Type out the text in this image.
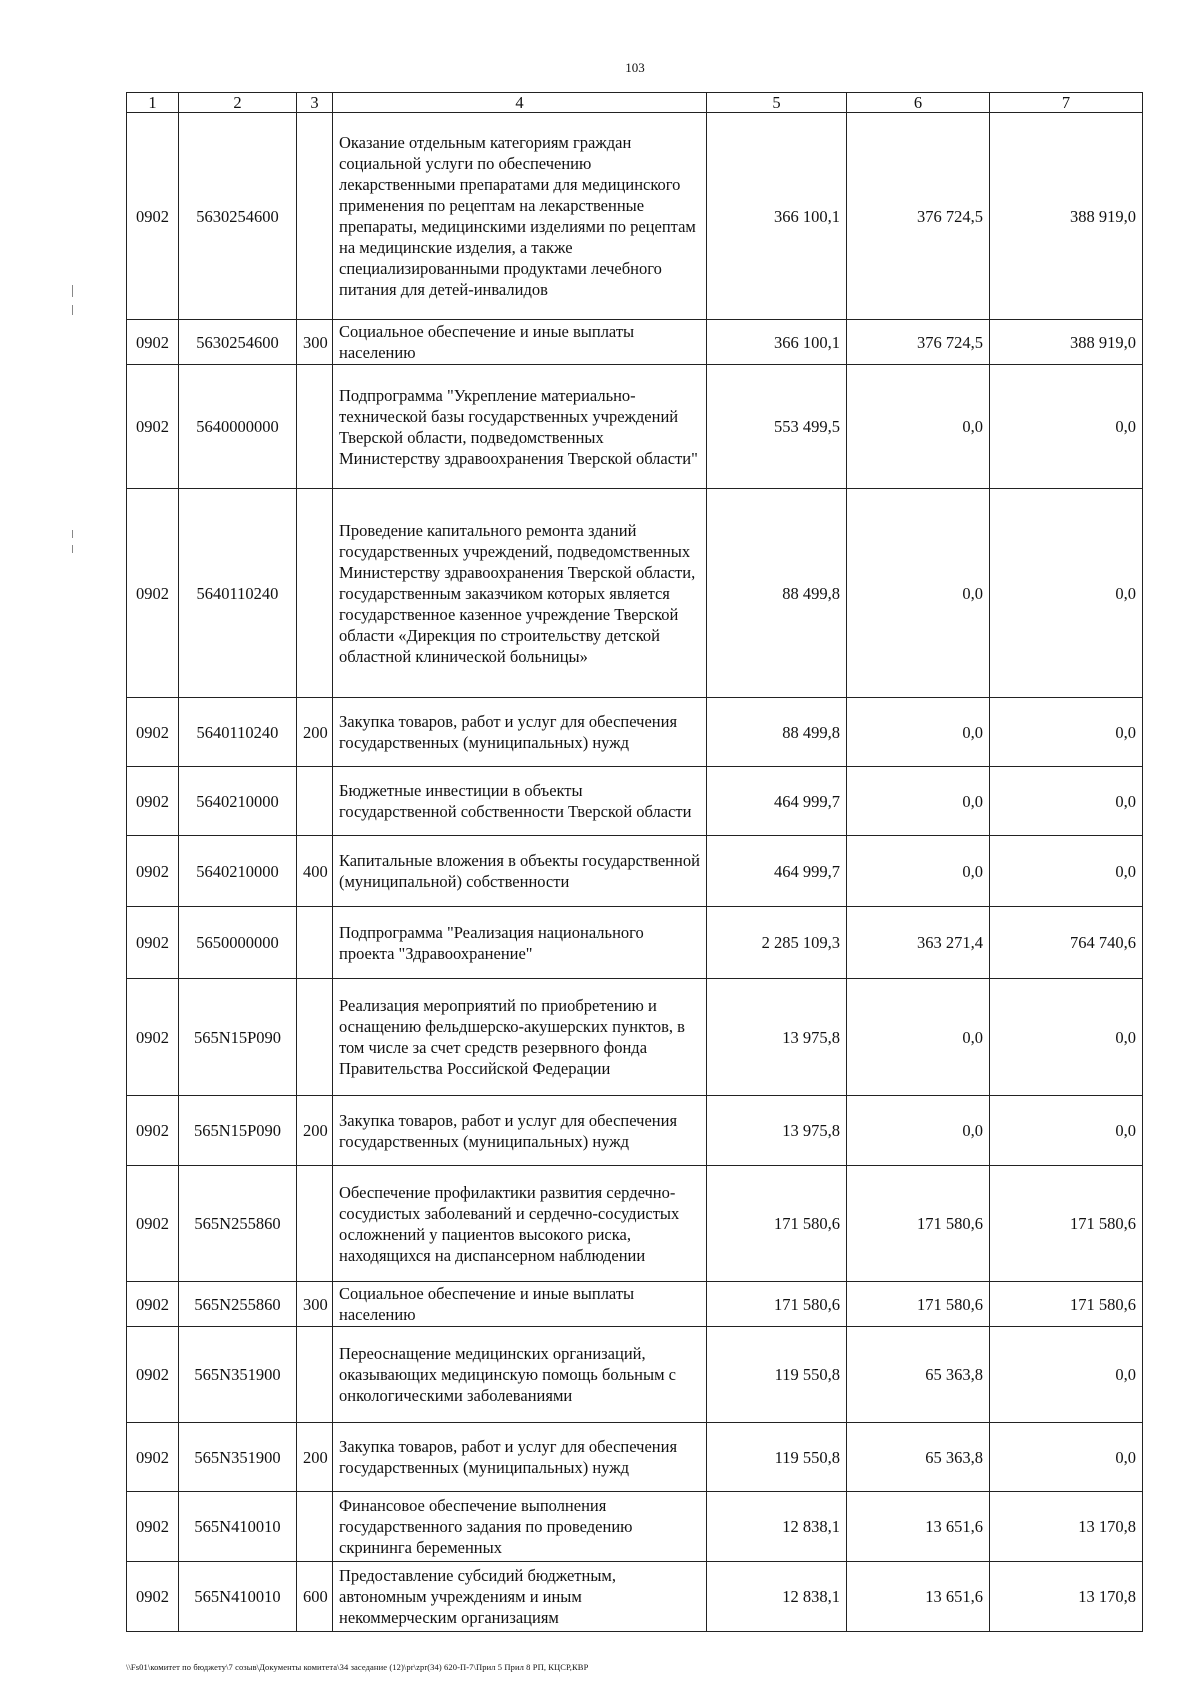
103
1	2	3	4	5	6	7
0902	5630254600		Оказание отдельным категориям граждан социальной услуги по обеспечению лекарственными препаратами для медицинского применения по рецептам на лекарственные препараты, медицинскими изделиями по рецептам на медицинские изделия, а также специализированными продуктами лечебного питания для детей-инвалидов	366 100,1	376 724,5	388 919,0
0902	5630254600	300	Социальное обеспечение и иные выплаты населению	366 100,1	376 724,5	388 919,0
0902	5640000000		Подпрограмма "Укрепление материально-технической базы государственных учреждений Тверской области, подведомственных Министерству здравоохранения Тверской области"	553 499,5	0,0	0,0
0902	5640110240		Проведение капитального ремонта зданий государственных учреждений, подведомственных Министерству здравоохранения Тверской области, государственным заказчиком которых является государственное казенное учреждение Тверской области «Дирекция по строительству детской областной клинической больницы»	88 499,8	0,0	0,0
0902	5640110240	200	Закупка товаров, работ и услуг для обеспечения государственных (муниципальных) нужд	88 499,8	0,0	0,0
0902	5640210000		Бюджетные инвестиции в объекты государственной собственности Тверской области	464 999,7	0,0	0,0
0902	5640210000	400	Капитальные вложения в объекты государственной (муниципальной) собственности	464 999,7	0,0	0,0
0902	5650000000		Подпрограмма "Реализация национального проекта "Здравоохранение"	2 285 109,3	363 271,4	764 740,6
0902	565N15P090		Реализация мероприятий по приобретению и оснащению фельдшерско-акушерских пунктов, в том числе за счет средств резервного фонда Правительства Российской Федерации	13 975,8	0,0	0,0
0902	565N15P090	200	Закупка товаров, работ и услуг для обеспечения государственных (муниципальных) нужд	13 975,8	0,0	0,0
0902	565N255860		Обеспечение профилактики развития сердечно-сосудистых заболеваний и сердечно-сосудистых осложнений у пациентов высокого риска, находящихся на диспансерном наблюдении	171 580,6	171 580,6	171 580,6
0902	565N255860	300	Социальное обеспечение и иные выплаты населению	171 580,6	171 580,6	171 580,6
0902	565N351900		Переоснащение медицинских организаций, оказывающих медицинскую помощь больным с онкологическими заболеваниями	119 550,8	65 363,8	0,0
0902	565N351900	200	Закупка товаров, работ и услуг для обеспечения государственных (муниципальных) нужд	119 550,8	65 363,8	0,0
0902	565N410010		Финансовое обеспечение выполнения государственного задания по проведению скрининга беременных	12 838,1	13 651,6	13 170,8
0902	565N410010	600	Предоставление субсидий бюджетным, автономным учреждениям и иным некоммерческим организациям	12 838,1	13 651,6	13 170,8
\\Fs01\комитет по бюджету\7 созыв\Документы комитета\34 заседание (12)\pr\zpr(34) 620-П-7\Прил 5 Прил 8 РП, КЦСР,КВР
